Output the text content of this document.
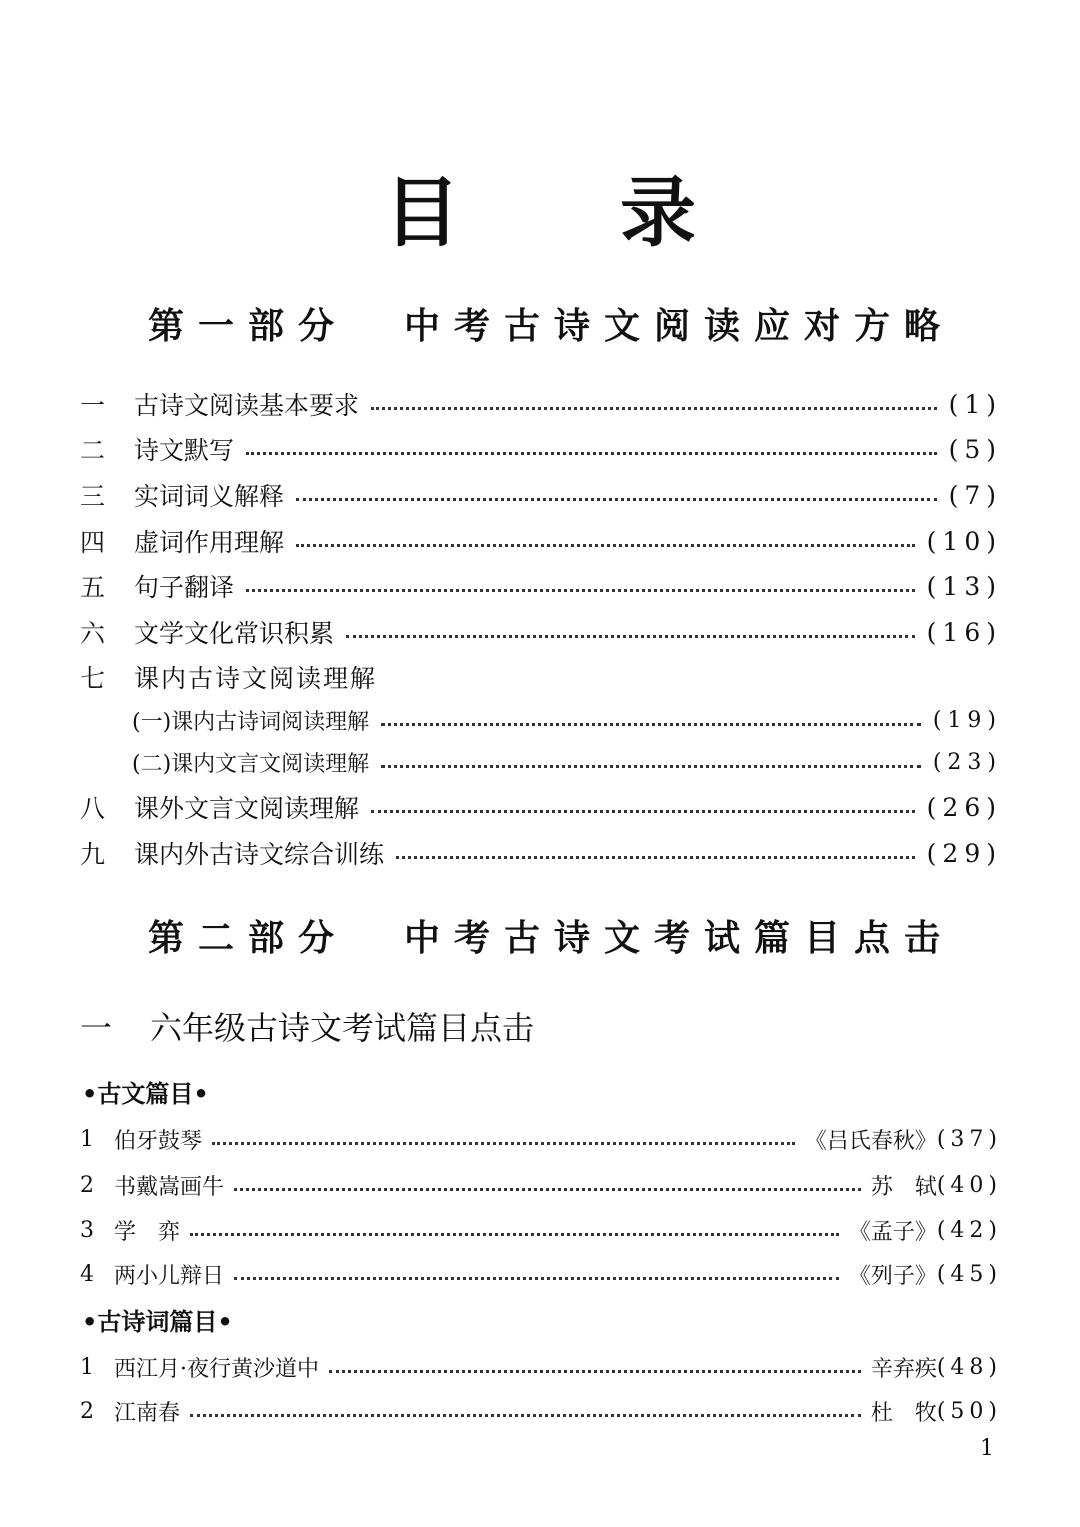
目 录
第一部分 中考古诗文阅读应对方略
一	古诗文阅读基本要求	(1)
二	诗文默写	(5)
三	实词词义解释	(7)
四	虚词作用理解	(10)
五	句子翻译	(13)
六	文学文化常识积累	(16)
七	课内古诗文阅读理解
(一)课内古诗词阅读理解	(19)
(二)课内文言文阅读理解	(23)
八	课外文言文阅读理解	(26)
九	课内外古诗文综合训练	(29)
第二部分 中考古诗文考试篇目点击
一 六年级古诗文考试篇目点击
•古文篇目•
1 伯牙鼓琴	《吕氏春秋》 (37)
2 书戴嵩画牛	苏　轼 (40)
3 学　弈	《孟子》 (42)
4 两小儿辩日	《列子》 (45)
•古诗词篇目•
1 西江月·夜行黄沙道中	辛弃疾 (48)
2 江南春	杜　牧 (50)
1
